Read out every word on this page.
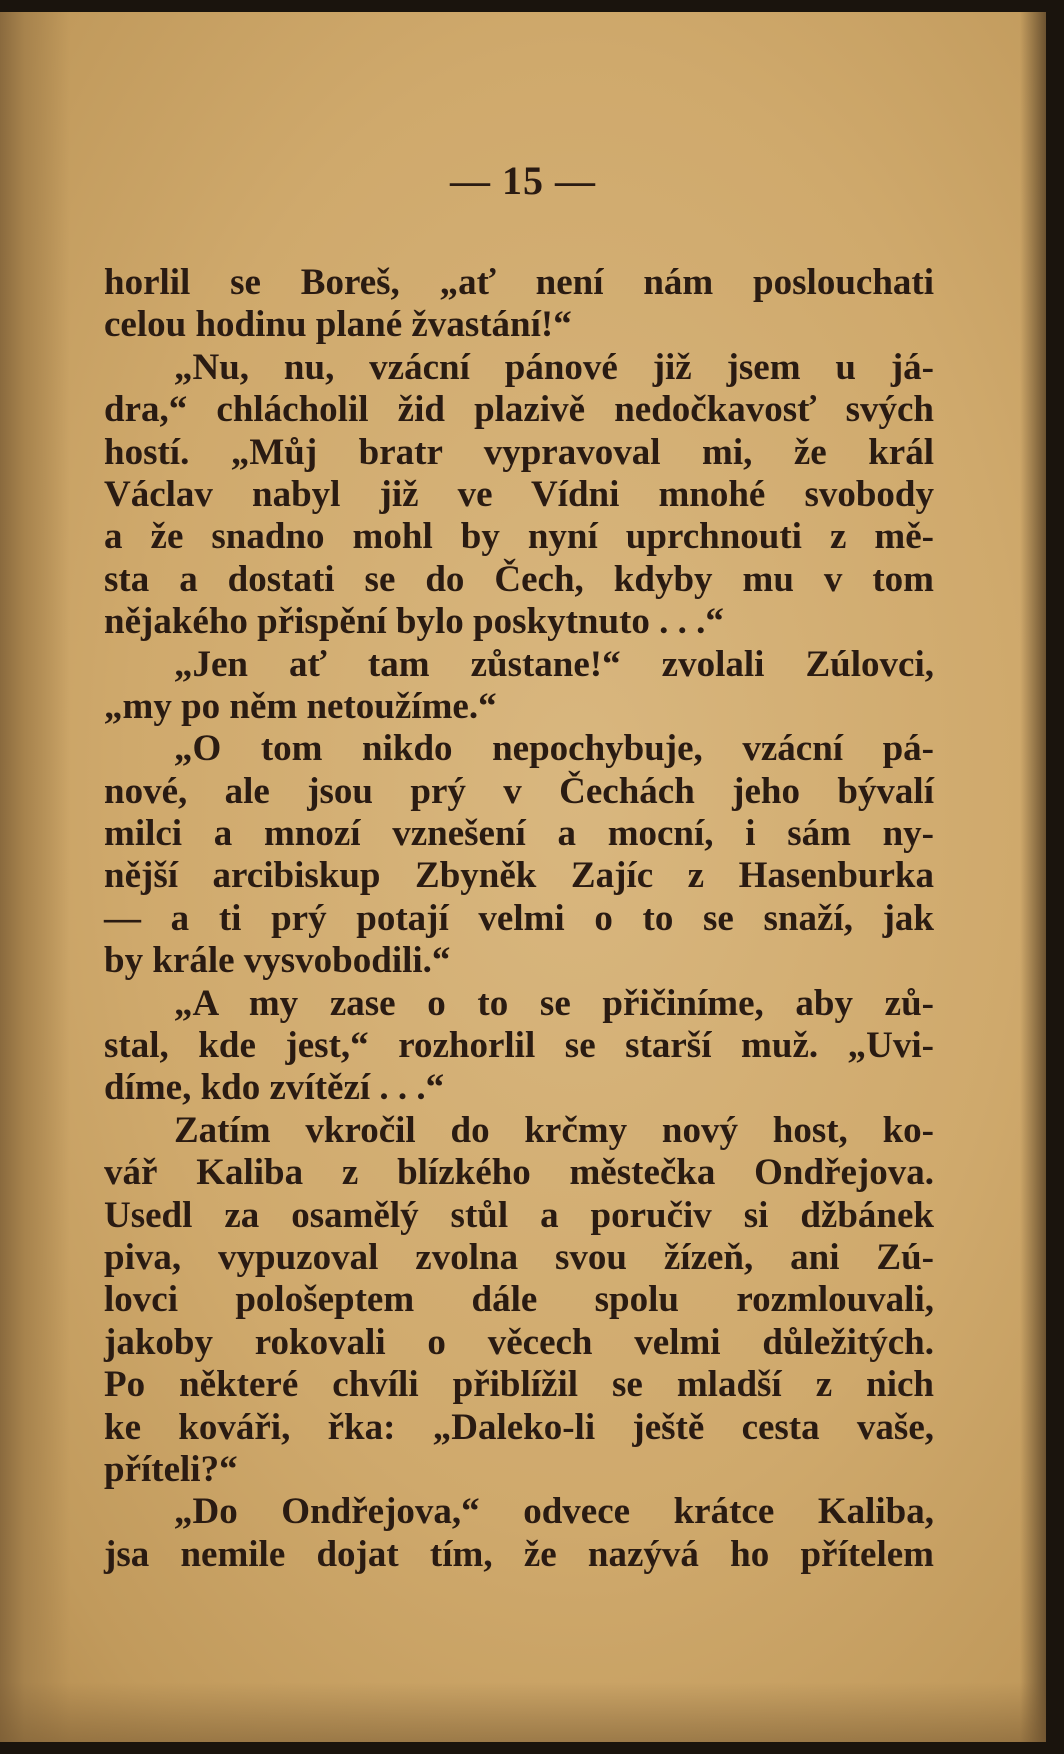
— 15 —
horlil se Boreš, „ať není nám poslouchati
celou hodinu plané žvastání!“
„Nu, nu, vzácní pánové již jsem u já-
dra,“ chlácholil žid plazivě nedočkavosť svých
hostí. „Můj bratr vypravoval mi, že král
Václav nabyl již ve Vídni mnohé svobody
a že snadno mohl by nyní uprchnouti z mě-
sta a dostati se do Čech, kdyby mu v tom
nějakého přispění bylo poskytnuto . . .“
„Jen ať tam zůstane!“ zvolali Zúlovci,
„my po něm netoužíme.“
„O tom nikdo nepochybuje, vzácní pá-
nové, ale jsou prý v Čechách jeho bývalí
milci a mnozí vznešení a mocní, i sám ny-
nější arcibiskup Zbyněk Zajíc z Hasenburka
— a ti prý potají velmi o to se snaží, jak
by krále vysvobodili.“
„A my zase o to se přičiníme, aby zů-
stal, kde jest,“ rozhorlil se starší muž. „Uvi-
díme, kdo zvítězí . . .“
Zatím vkročil do krčmy nový host, ko-
vář Kaliba z blízkého městečka Ondřejova.
Usedl za osamělý stůl a poručiv si džbánek
piva, vypuzoval zvolna svou žízeň, ani Zú-
lovci pološeptem dále spolu rozmlouvali,
jakoby rokovali o věcech velmi důležitých.
Po některé chvíli přiblížil se mladší z nich
ke kováři, řka: „Daleko-li ještě cesta vaše,
příteli?“
„Do Ondřejova,“ odvece krátce Kaliba,
jsa nemile dojat tím, že nazývá ho přítelem
